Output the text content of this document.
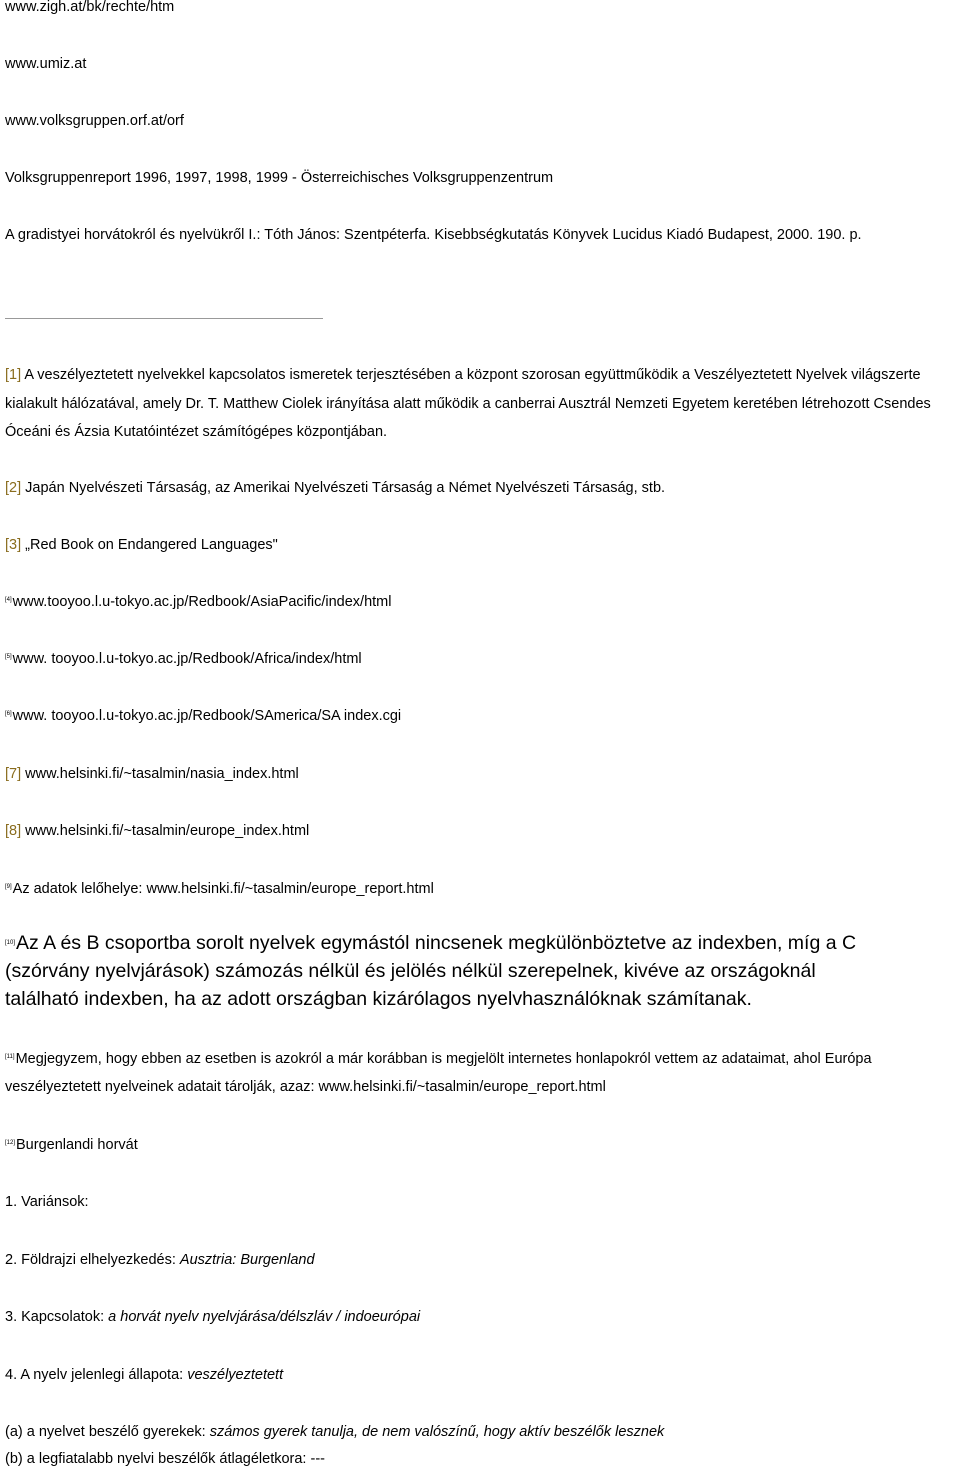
www.zigh.at/bk/rechte/htm
www.umiz.at
www.volksgruppen.orf.at/orf
Volksgruppenreport 1996, 1997, 1998, 1999 - Österreichisches Volksgruppenzentrum
A gradistyei horvátokról és nyelvükről I.: Tóth János: Szentpéterfa. Kisebbségkutatás Könyvek Lucidus Kiadó Budapest, 2000. 190. p.
[1] A veszélyeztetett nyelvekkel kapcsolatos ismeretek terjesztésében a központ szorosan együttműködik a Veszélyeztetett Nyelvek világszerte
kialakult hálózatával, amely Dr. T. Matthew Ciolek irányítása alatt működik a canberrai Ausztrál Nemzeti Egyetem keretében létrehozott Csendes
Óceáni és Ázsia Kutatóintézet számítógépes központjában.
[2] Japán Nyelvészeti Társaság, az Amerikai Nyelvészeti Társaság a Német Nyelvészeti Társaság, stb.
[3] „Red Book on Endangered Languages"
[4]www.tooyoo.l.u-tokyo.ac.jp/Redbook/AsiaPacific/index/html
[5]www. tooyoo.l.u-tokyo.ac.jp/Redbook/Africa/index/html
[6]www. tooyoo.l.u-tokyo.ac.jp/Redbook/SAmerica/SA index.cgi
[7] www.helsinki.fi/~tasalmin/nasia_index.html
[8] www.helsinki.fi/~tasalmin/europe_index.html
[9]Az adatok lelőhelye: www.helsinki.fi/~tasalmin/europe_report.html
[10]Az A és B csoportba sorolt nyelvek egymástól nincsenek megkülönböztetve az indexben, míg a C
(szórvány nyelvjárások) számozás nélkül és jelölés nélkül szerepelnek, kivéve az országoknál
található indexben, ha az adott országban kizárólagos nyelvhasználóknak számítanak.
[11]Megjegyzem, hogy ebben az esetben is azokról a már korábban is megjelölt internetes honlapokról vettem az adataimat, ahol Európa
veszélyeztetett nyelveinek adatait tárolják, azaz: www.helsinki.fi/~tasalmin/europe_report.html
[12]Burgenlandi horvát
1. Variánsok:
2. Földrajzi elhelyezkedés: Ausztria: Burgenland
3. Kapcsolatok: a horvát nyelv nyelvjárása/délszláv / indoeurópai
4. A nyelv jelenlegi állapota: veszélyeztetett
(a) a nyelvet beszélő gyerekek: számos gyerek tanulja, de nem valószínű, hogy aktív beszélők lesznek
(b) a legfiatalabb nyelvi beszélők átlagéletkora: ---
